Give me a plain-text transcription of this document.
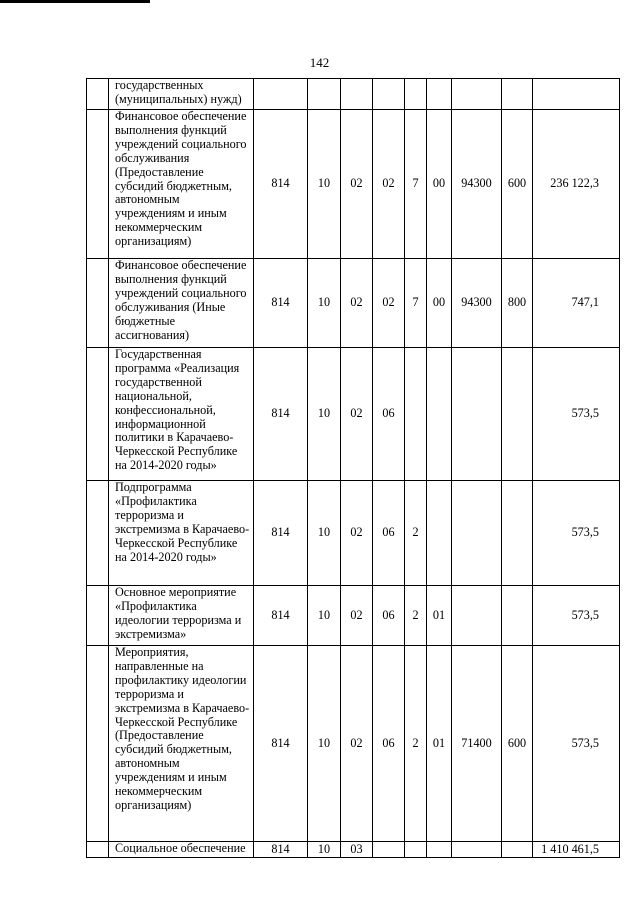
142
	государственных (муниципальных) нужд)									
	Финансовое обеспечение выполнения функций учреждений социального обслуживания (Предоставление субсидий бюджетным, автономным учреждениям и иным некоммерческим организациям)	814	10	02	02	7	00	94300	600	236 122,3
	Финансовое обеспечение выполнения функций учреждений социального обслуживания (Иные бюджетные ассигнования)	814	10	02	02	7	00	94300	800	747,1
	Государственная программа «Реализация государственной национальной, конфессиональной, информационной политики в Карачаево-Черкесской Республике на 2014-2020 годы»	814	10	02	06					573,5
	Подпрограмма «Профилактика терроризма и экстремизма в Карачаево-Черкесской Республике на 2014-2020 годы»	814	10	02	06	2				573,5
	Основное мероприятие «Профилактика идеологии терроризма и экстремизма»	814	10	02	06	2	01			573,5
	Мероприятия, направленные на профилактику идеологии терроризма и экстремизма в Карачаево-Черкесской Республике (Предоставление субсидий бюджетным, автономным учреждениям и иным некоммерческим организациям)	814	10	02	06	2	01	71400	600	573,5
	Социальное обеспечение	814	10	03						1 410 461,5
